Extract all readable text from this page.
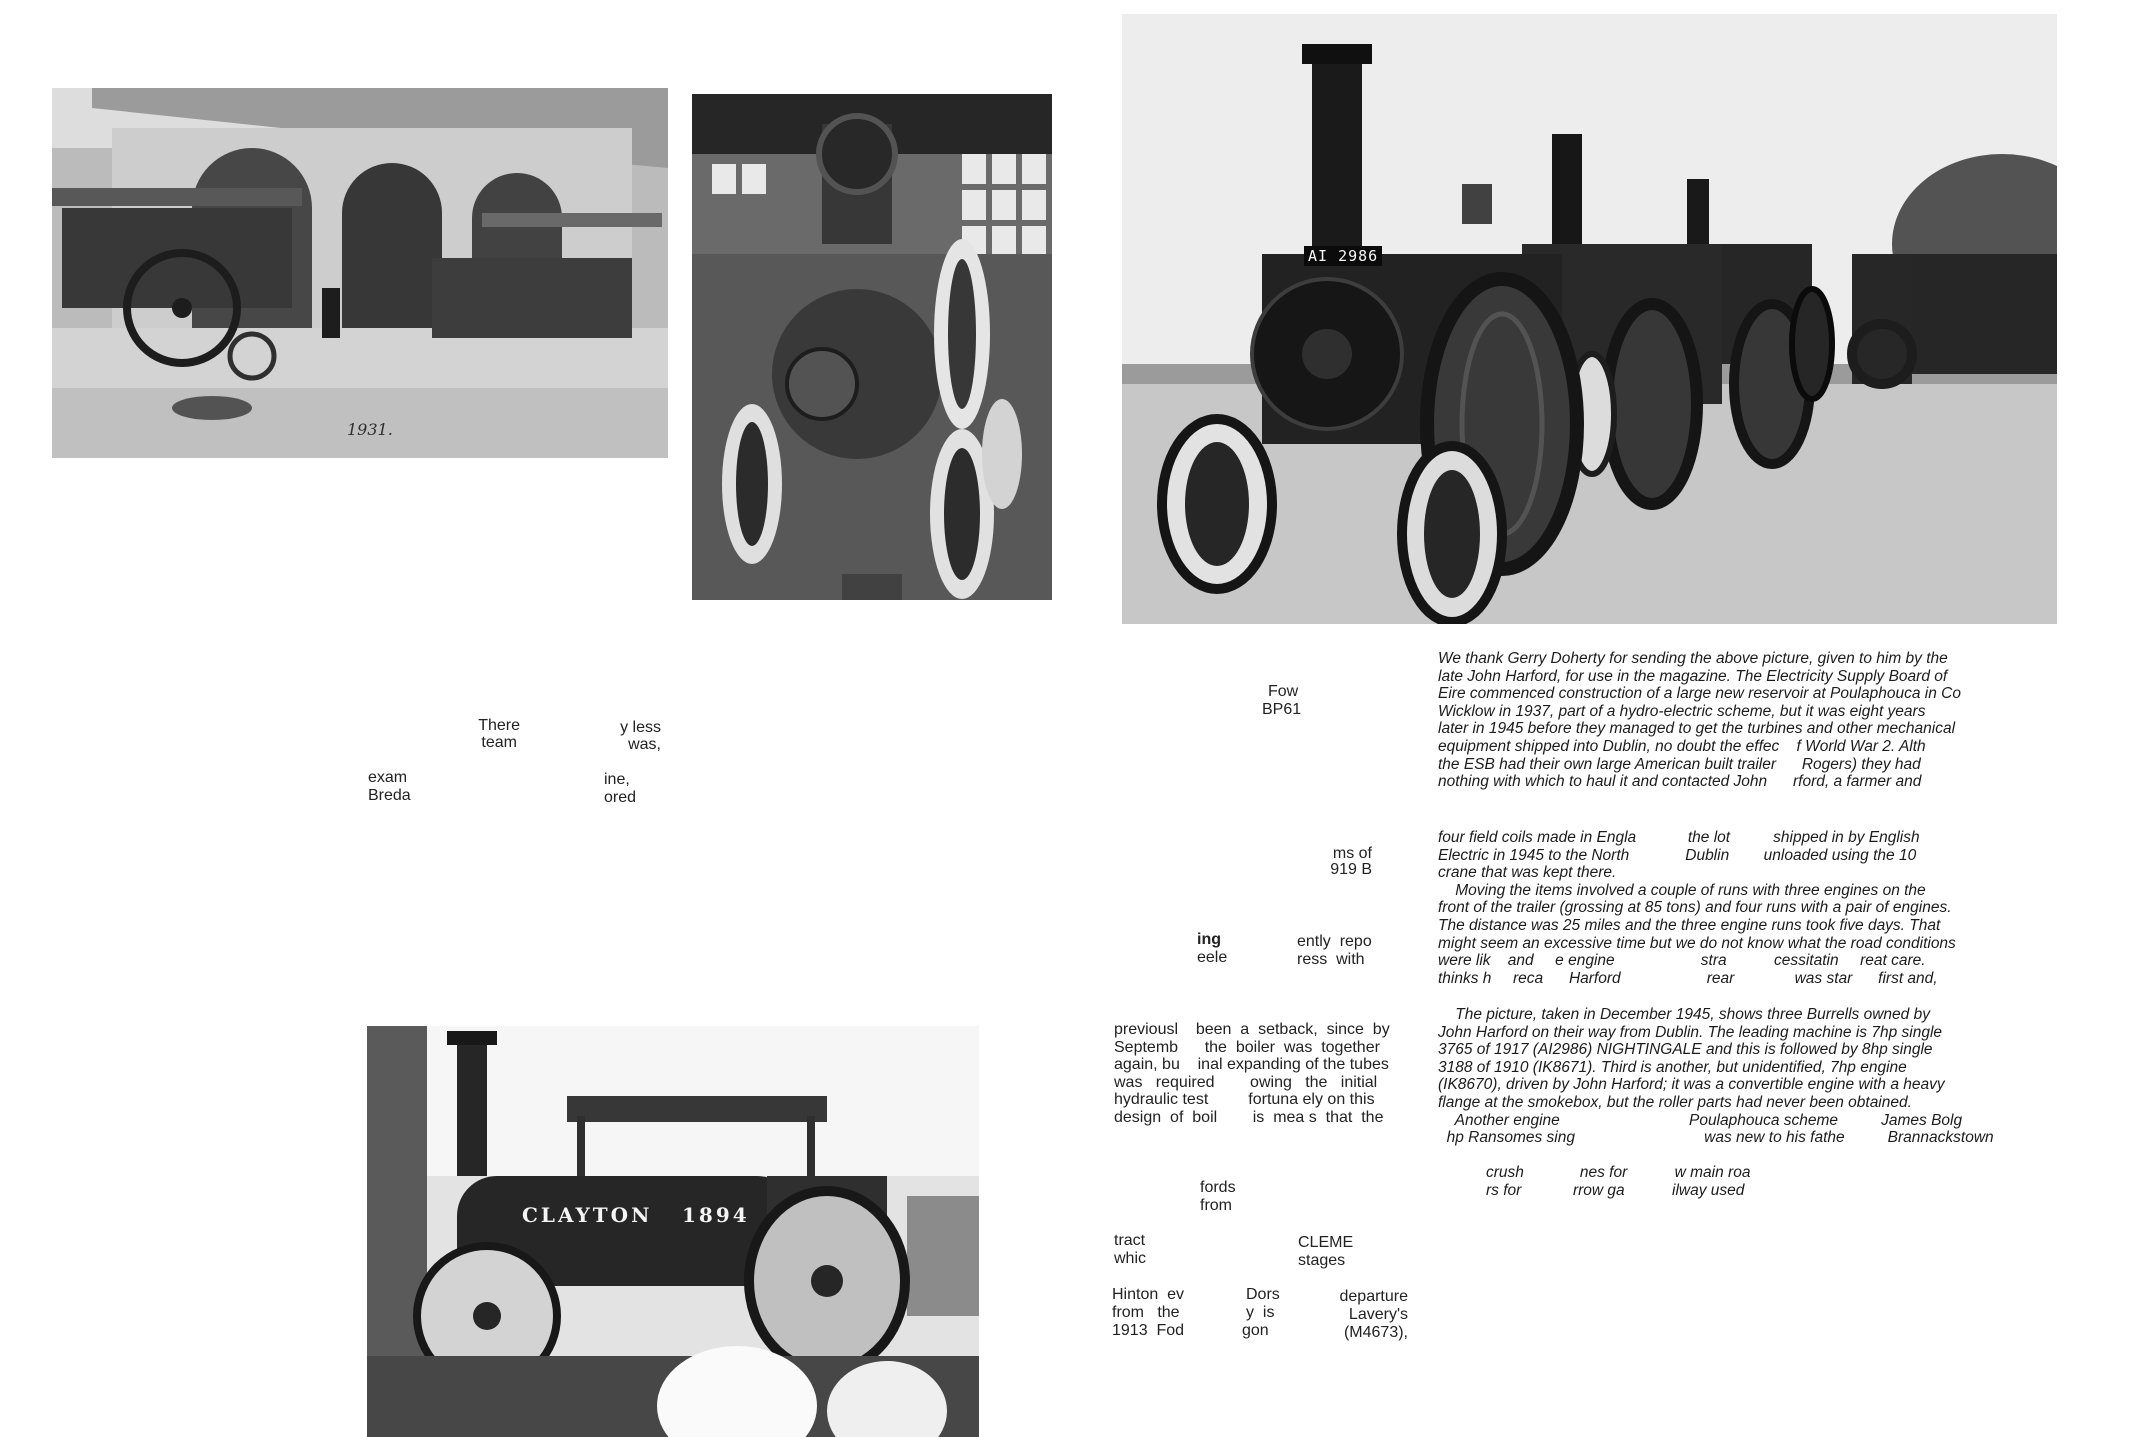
1931.
AI 2986
CLAYTON 1894
There	y less
team	was,
exam	ine,
Breda	ored
Fow
BP61
ms of
919 B
ing	ently  repo
eele	ress  with
previousl    been  a  setback,  since  by
Septemb      the  boiler  was  together
again, bu    inal expanding of the tubes
was   required        owing   the   initial
hydraulic test         fortuna ely on this
design  of  boil        is  mea s  that  the
fords
from
tract	CLEME
whic	stages
Hinton  ev	Dors	departure
from   the	y  is	Lavery's
1913  Fod	gon	(M4673),
We thank Gerry Doherty for sending the above picture, given to him by the
late John Harford, for use in the magazine. The Electricity Supply Board of
Eire commenced construction of a large new reservoir at Poulaphouca in Co
Wicklow in 1937, part of a hydro-electric scheme, but it was eight years
later in 1945 before they managed to get the turbines and other mechanical
equipment shipped into Dublin, no doubt the effec    f World War 2. Alth
the ESB had their own large American built trailer      Rogers) they had
nothing with which to haul it and contacted John      rford, a farmer and
four field coils made in Engla            the lot          shipped in by English
Electric in 1945 to the North             Dublin        unloaded using the 10
crane that was kept there.
Moving the items involved a couple of runs with three engines on the
front of the trailer (grossing at 85 tons) and four runs with a pair of engines.
The distance was 25 miles and the three engine runs took five days. That
might seem an excessive time but we do not know what the road conditions
were lik    and     e engine                    stra           cessitatin     reat care.
thinks h     reca      Harford                    rear              was star      first and,
The picture, taken in December 1945, shows three Burrells owned by
John Harford on their way from Dublin. The leading machine is 7hp single
3765 of 1917 (AI2986) NIGHTINGALE and this is followed by 8hp single
3188 of 1910 (IK8671). Third is another, but unidentified, 7hp engine
(IK8670), driven by John Harford; it was a convertible engine with a heavy
flange at the smokebox, but the roller parts had never been obtained.
Another engine                              Poulaphouca scheme          James Bolg
hp Ransomes sing                              was new to his fathe          Brannackstown
crush             nes for           w main roa
rs for            rrow ga           ilway used
